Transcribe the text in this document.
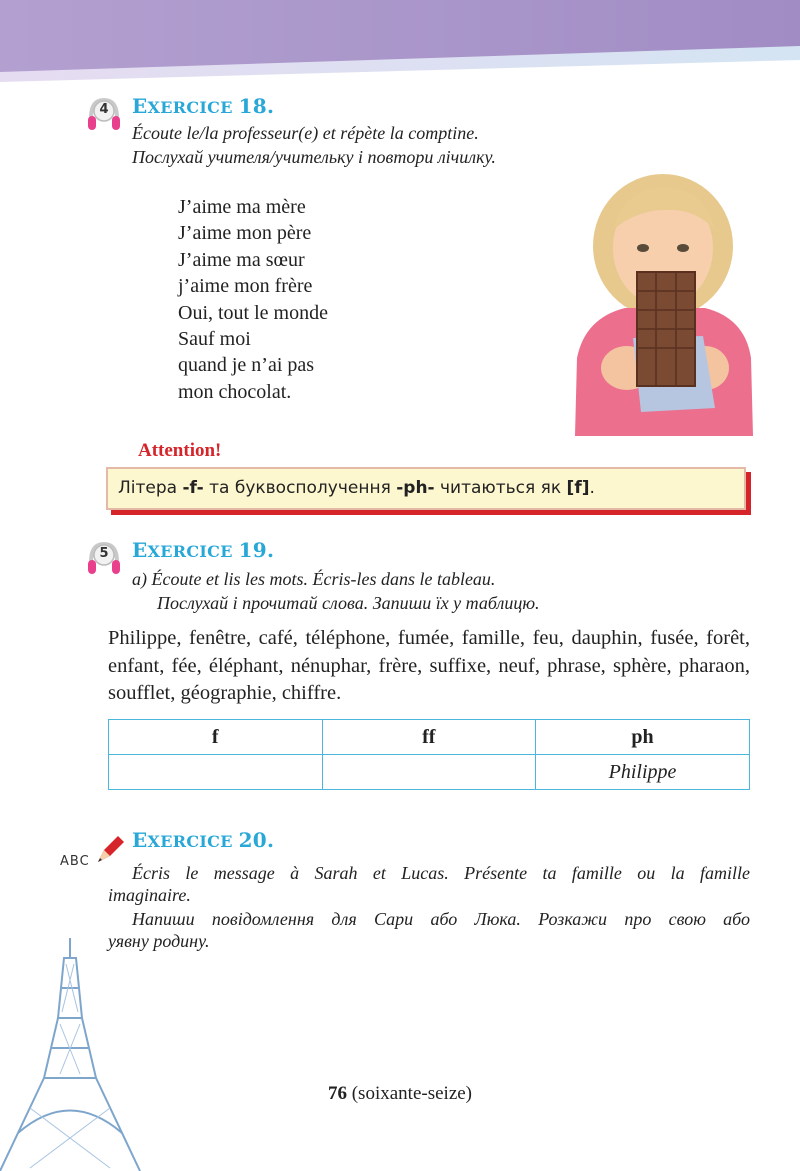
4 EXERCICE 18.
Écoute le/la professeur(e) et répète la comptine.
Послухай учителя/учительку і повтори лічилку.
J’aime ma mère
J’aime mon père
J’aime ma sœur
j’aime mon frère
Oui, tout le monde
Sauf moi
quand je n’ai pas
mon chocolat.
Attention!
Літера -f- та буквосполучення -ph- читаються як [f].
5 EXERCICE 19.
a) Écoute et lis les mots. Écris-les dans le tableau.
Послухай і прочитай слова. Запиши їх у таблицю.
Philippe, fenêtre, café, téléphone, fumée, famille, feu, dauphin, fusée, forêt, enfant, fée, éléphant, nénuphar, frère, suffixe, neuf, phrase, sphère, pharaon, soufflet, géographie, chiffre.
f	ff	ph
		Philippe
ABC
EXERCICE 20.
Écris le message à Sarah et Lucas. Présente ta famille ou la famille
imaginaire.
Напиши повідомлення для Сари або Люка. Розкажи про свою або
уявну родину.
76 (soixante-seize)
